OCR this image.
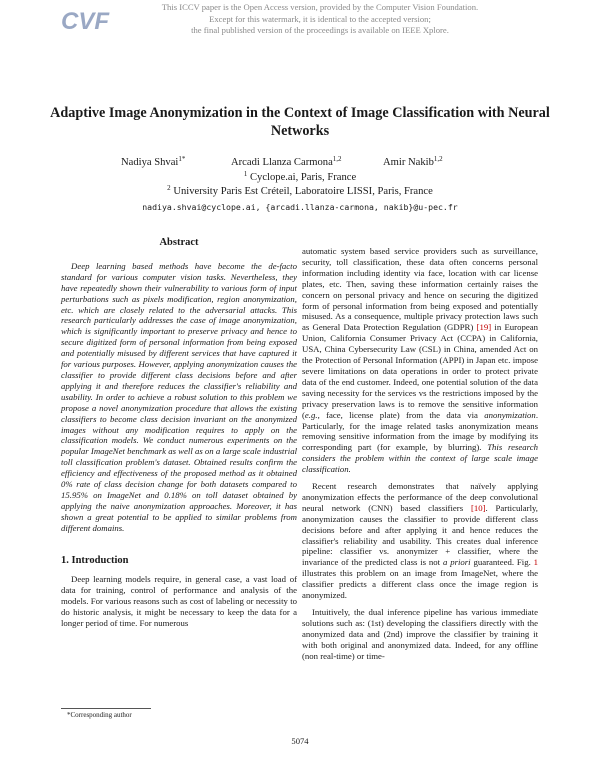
CVF
This ICCV paper is the Open Access version, provided by the Computer Vision Foundation.
Except for this watermark, it is identical to the accepted version;
the final published version of the proceedings is available on IEEE Xplore.
Adaptive Image Anonymization in the Context of Image Classification with Neural Networks
Nadiya Shvai$^{1*}$	Arcadi Llanza Carmona$^{1,2}$	Amir Nakib$^{1,2}$
$^1$ Cyclope.ai, Paris, France
$^2$ University Paris Est Créteil, Laboratoire LISSI, Paris, France
nadiya.shvai@cyclope.ai, {arcadi.llanza-carmona, nakib}@u-pec.fr
Abstract

Deep learning based methods have become the de-facto standard for various computer vision tasks. Nevertheless, they have repeatedly shown their vulnerability to various form of input perturbations such as pixels modification, region anonymization, etc. which are closely related to the adversarial attacks. This research particularly addresses the case of image anonymization, which is significantly important to preserve privacy and hence to secure digitized form of personal information from being exposed and potentially misused by different services that have captured it for various purposes. However, applying anonymization causes the classifier to provide different class decisions before and after applying it and therefore reduces the classifier's reliability and usability. In order to achieve a robust solution to this problem we propose a novel anonymization procedure that allows the existing classifiers to become class decision invariant on the anonymized images without any modification requires to apply on the classification models. We conduct numerous experiments on the popular ImageNet benchmark as well as on a large scale industrial toll classification problem's dataset. Obtained results confirm the efficiency and effectiveness of the proposed method as it obtained 0% rate of class decision change for both datasets compared to 15.95% on ImageNet and 0.18% on toll dataset obtained by applying the naive anonymization approaches. Moreover, it has shown a great potential to be applied to similar problems from different domains.

1. Introduction

Deep learning models require, in general case, a vast load of data for training, control of performance and analysis of the models. For various reasons such as cost of labeling or necessity to do historic analysis, it might be necessary to keep the data for a longer period of time. For numerous

automatic system based service providers such as surveillance, security, toll classification, these data often concerns personal information including identity via face, location with car license plates, etc. Then, saving these information certainly raises the concern on personal privacy and hence on securing the digitized form of personal information from being exposed and potentially misused. As a consequence, multiple privacy protection laws such as General Data Protection Regulation (GDPR) [19] in European Union, California Consumer Privacy Act (CCPA) in California, USA, China Cybersecurity Law (CSL) in China, amended Act on the Protection of Personal Information (APPI) in Japan etc. impose severe limitations on data operations in order to protect private data of the end customer. Indeed, one potential solution of the data saving necessity for the services vs the restrictions imposed by the privacy preservation laws is to remove the sensitive information (e.g., face, license plate) from the data via anonymization. Particularly, for the image related tasks anonymization means removing sensitive information from the image by modifying its corresponding part (for example, by blurring). This research considers the problem within the context of large scale image classification.

Recent research demonstrates that naïvely applying anonymization effects the performance of the deep convolutional neural network (CNN) based classifiers [10]. Particularly, anonymization causes the classifier to provide different class decisions before and after applying it and hence reduces the classifier's reliability and usability. This creates dual inference pipeline: classifier vs. anonymizer + classifier, where the invariance of the predicted class is not a priori guaranteed. Fig. 1 illustrates this problem on an image from ImageNet, where the classifier predicts a different class once the image region is anonymized.

Intuitively, the dual inference pipeline has various immediate solutions such as: (1st) developing the classifiers directly with the anonymized data and (2nd) improve the classifier by training it with both original and anonymized data. Indeed, for any offline (non real-time) or time-

*Corresponding author
5074
